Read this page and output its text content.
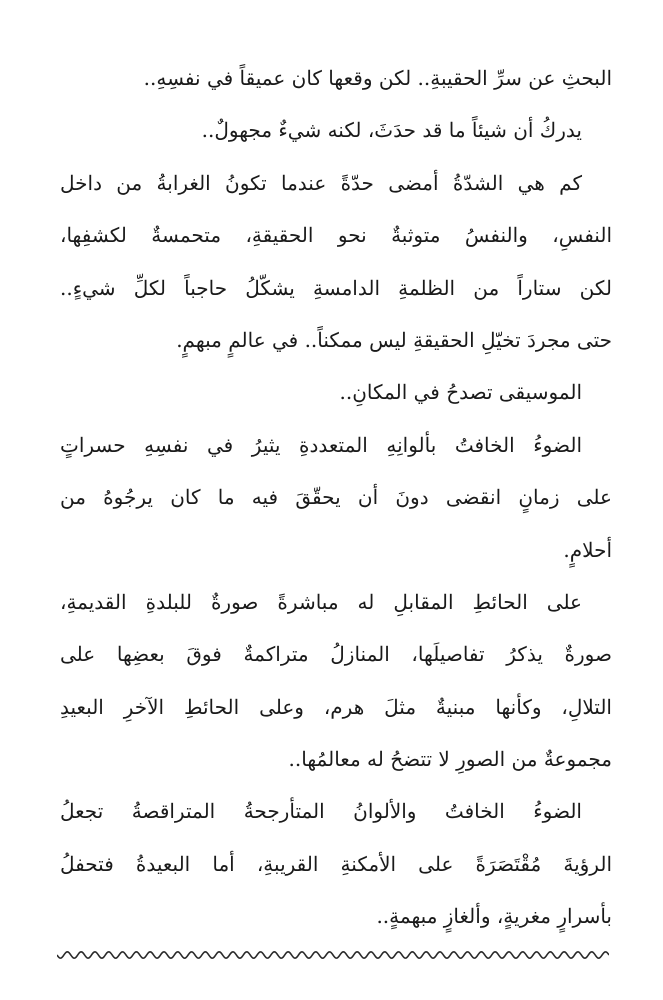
البحثِ عن سرِّ الحقيبةِ.. لكن وقعها كان عميقاً في نفسِهِ..
يدركُ أن شيئاً ما قد حدَثَ، لكنه شيءٌ مجهولٌ..
كم هي الشدّةُ أمضى حدّةً عندما تكونُ الغرابةُ من داخل
النفسِ، والنفسُ متوثبةٌ نحو الحقيقةِ، متحمسةٌ لكشفِها،
لكن ستاراً من الظلمةِ الدامسةِ يشكّلُ حاجباً لكلِّ شيءٍ..
حتى مجردَ تخيّلِ الحقيقةِ ليس ممكناً.. في عالمٍ مبهمٍ.
الموسيقى تصدحُ في المكانِ..
الضوءُ الخافتُ بألوانِهِ المتعددةِ يثيرُ في نفسِهِ حسراتٍ
على زمانٍ انقضى دونَ أن يحقّقَ فيه ما كان يرجُوهُ من
أحلامٍ.
على الحائطِ المقابلِ له مباشرةً صورةٌ للبلدةِ القديمةِ،
صورةٌ يذكرُ تفاصيلَها، المنازلُ متراكمةٌ فوقَ بعضِها على
التلالِ، وكأنها مبنيةٌ مثلَ هرم، وعلى الحائطِ الآخرِ البعيدِ
مجموعةٌ من الصورِ لا تتضحُ له معالمُها..
الضوءُ الخافتُ والألوانُ المتأرجحةُ المتراقصةُ تجعلُ
الرؤيةَ مُقْتَصَرَةً على الأمكنةِ القريبةِ، أما البعيدةُ فتحفلُ
بأسرارٍ مغريةٍ، وألغازٍ مبهمةٍ..
